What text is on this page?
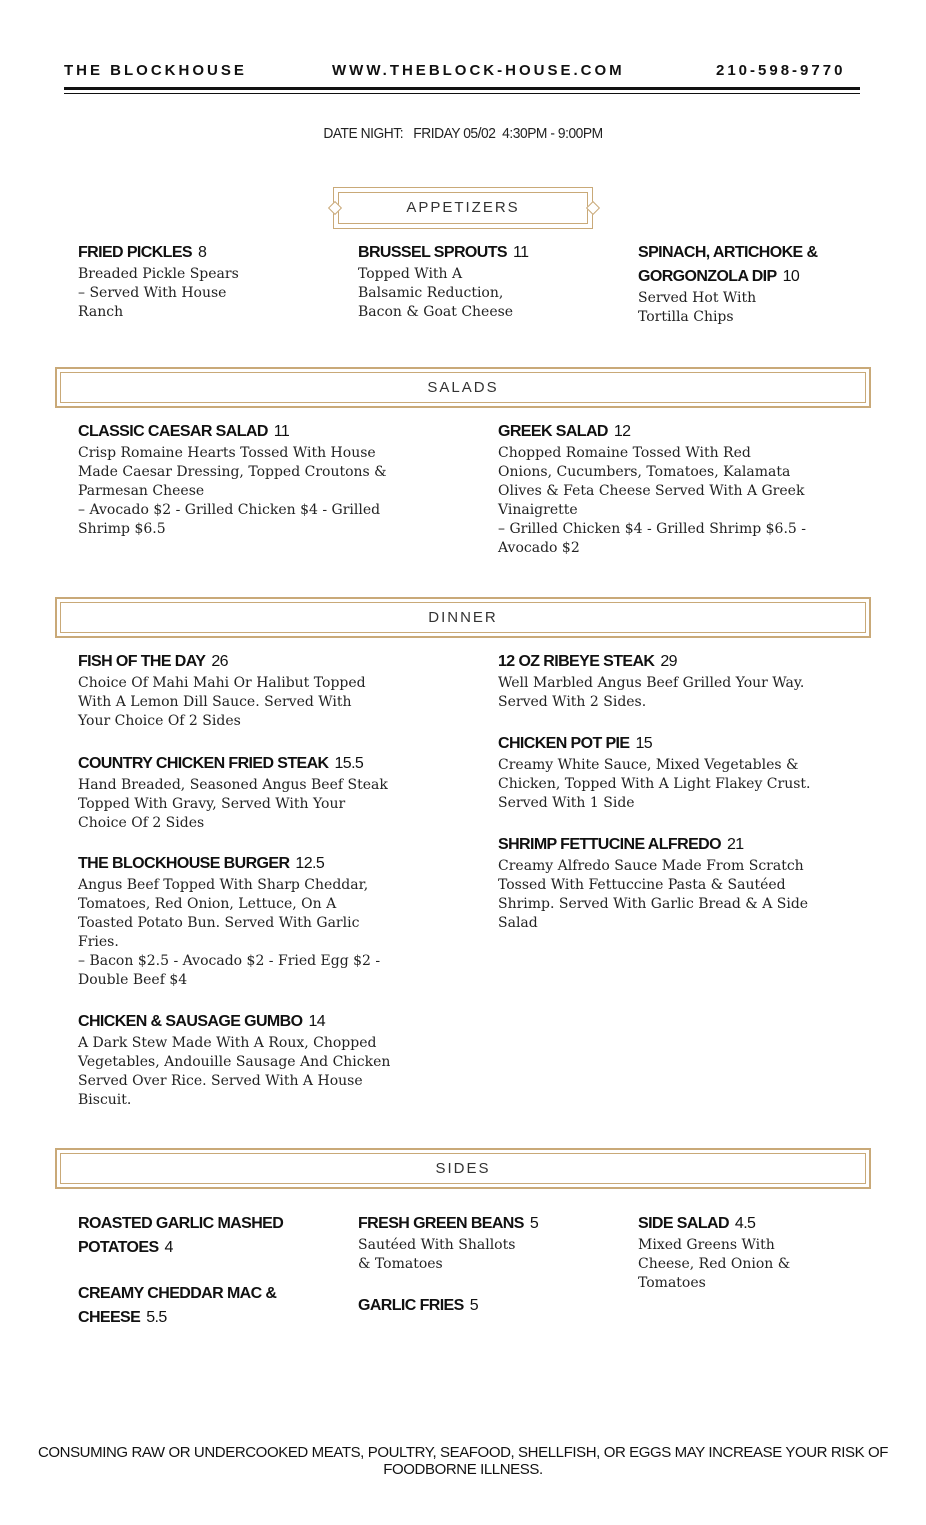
THE BLOCKHOUSE	WWW.THEBLOCK-HOUSE.COM	210-598-9770
DATE NIGHT:   FRIDAY 05/02  4:30PM - 9:00PM
APPETIZERS
FRIED PICKLES 8
Breaded Pickle Spears
– Served With House
Ranch
BRUSSEL SPROUTS 11
Topped With A
Balsamic Reduction,
Bacon & Goat Cheese
SPINACH, ARTICHOKE &
GORGONZOLA DIP 10
Served Hot With
Tortilla Chips
SALADS
CLASSIC CAESAR SALAD 11
Crisp Romaine Hearts Tossed With House
Made Caesar Dressing, Topped Croutons &
Parmesan Cheese
– Avocado $2 - Grilled Chicken $4 - Grilled
Shrimp $6.5
GREEK SALAD 12
Chopped Romaine Tossed With Red
Onions, Cucumbers, Tomatoes, Kalamata
Olives & Feta Cheese Served With A Greek
Vinaigrette
– Grilled Chicken $4 - Grilled Shrimp $6.5 -
Avocado $2
DINNER
FISH OF THE DAY 26
Choice Of Mahi Mahi Or Halibut Topped
With A Lemon Dill Sauce. Served With
Your Choice Of 2 Sides
COUNTRY CHICKEN FRIED STEAK 15.5
Hand Breaded, Seasoned Angus Beef Steak
Topped With Gravy, Served With Your
Choice Of 2 Sides
THE BLOCKHOUSE BURGER 12.5
Angus Beef Topped With Sharp Cheddar,
Tomatoes, Red Onion, Lettuce, On A
Toasted Potato Bun. Served With Garlic
Fries.
– Bacon $2.5 - Avocado $2 - Fried Egg $2 -
Double Beef $4
CHICKEN & SAUSAGE GUMBO 14
A Dark Stew Made With A Roux, Chopped
Vegetables, Andouille Sausage And Chicken
Served Over Rice. Served With A House
Biscuit.
12 OZ RIBEYE STEAK 29
Well Marbled Angus Beef Grilled Your Way.
Served With 2 Sides.
CHICKEN POT PIE 15
Creamy White Sauce, Mixed Vegetables &
Chicken, Topped With A Light Flakey Crust.
Served With 1 Side
SHRIMP FETTUCINE ALFREDO 21
Creamy Alfredo Sauce Made From Scratch
Tossed With Fettuccine Pasta & Sautéed
Shrimp. Served With Garlic Bread & A Side
Salad
SIDES
ROASTED GARLIC MASHED
POTATOES 4
CREAMY CHEDDAR MAC &
CHEESE 5.5
FRESH GREEN BEANS 5
Sautéed With Shallots
& Tomatoes
GARLIC FRIES 5
SIDE SALAD 4.5
Mixed Greens With
Cheese, Red Onion &
Tomatoes
CONSUMING RAW OR UNDERCOOKED MEATS, POULTRY, SEAFOOD, SHELLFISH, OR EGGS MAY INCREASE YOUR RISK OF FOODBORNE ILLNESS.
